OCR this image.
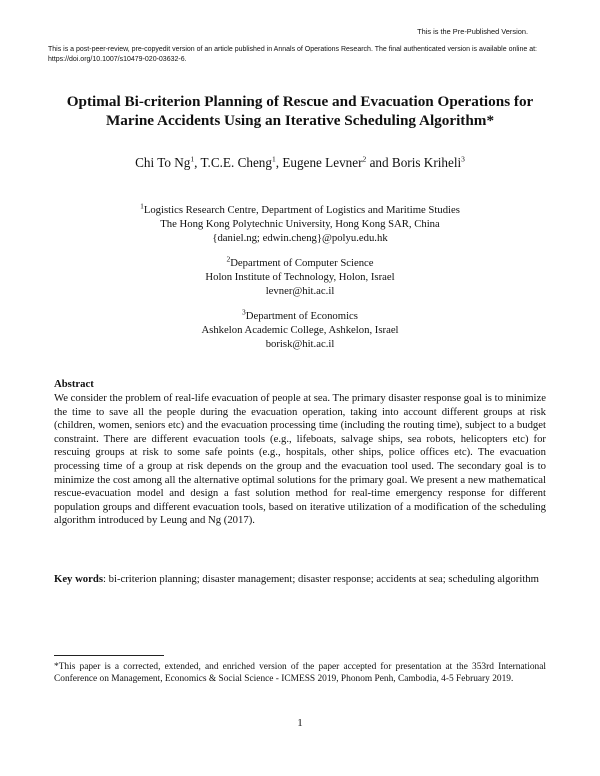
This is the Pre-Published Version.
This is a post-peer-review, pre-copyedit version of an article published in Annals of Operations Research. The final authenticated version is available online at: https://doi.org/10.1007/s10479-020-03632-6.
Optimal Bi-criterion Planning of Rescue and Evacuation Operations for
Marine Accidents Using an Iterative Scheduling Algorithm*
Chi To Ng$^1$, T.C.E. Cheng$^1$, Eugene Levner$^2$ and Boris Kriheli$^3$
$^1$Logistics Research Centre, Department of Logistics and Maritime Studies
The Hong Kong Polytechnic University, Hong Kong SAR, China
{daniel.ng; edwin.cheng}@polyu.edu.hk
$^2$Department of Computer Science
Holon Institute of Technology, Holon, Israel
levner@hit.ac.il
$^3$Department of Economics
Ashkelon Academic College, Ashkelon, Israel
borisk@hit.ac.il
Abstract

We consider the problem of real-life evacuation of people at sea. The primary disaster response goal is to minimize the time to save all the people during the evacuation operation, taking into account different groups at risk (children, women, seniors etc) and the evacuation processing time (including the routing time), subject to a budget constraint. There are different evacuation tools (e.g., lifeboats, salvage ships, sea robots, helicopters etc) for rescuing groups at risk to some safe points (e.g., hospitals, other ships, police offices etc). The evacuation processing time of a group at risk depends on the group and the evacuation tool used. The secondary goal is to minimize the cost among all the alternative optimal solutions for the primary goal. We present a new mathematical rescue-evacuation model and design a fast solution method for real-time emergency response for different population groups and different evacuation tools, based on iterative utilization of a modification of the scheduling algorithm introduced by Leung and Ng (2017).

Key words: bi-criterion planning; disaster management; disaster response; accidents at sea; scheduling algorithm

*This paper is a corrected, extended, and enriched version of the paper accepted for presentation at the 353rd International Conference on Management, Economics & Social Science - ICMESS 2019, Phonom Penh, Cambodia, 4-5 February 2019.

1
